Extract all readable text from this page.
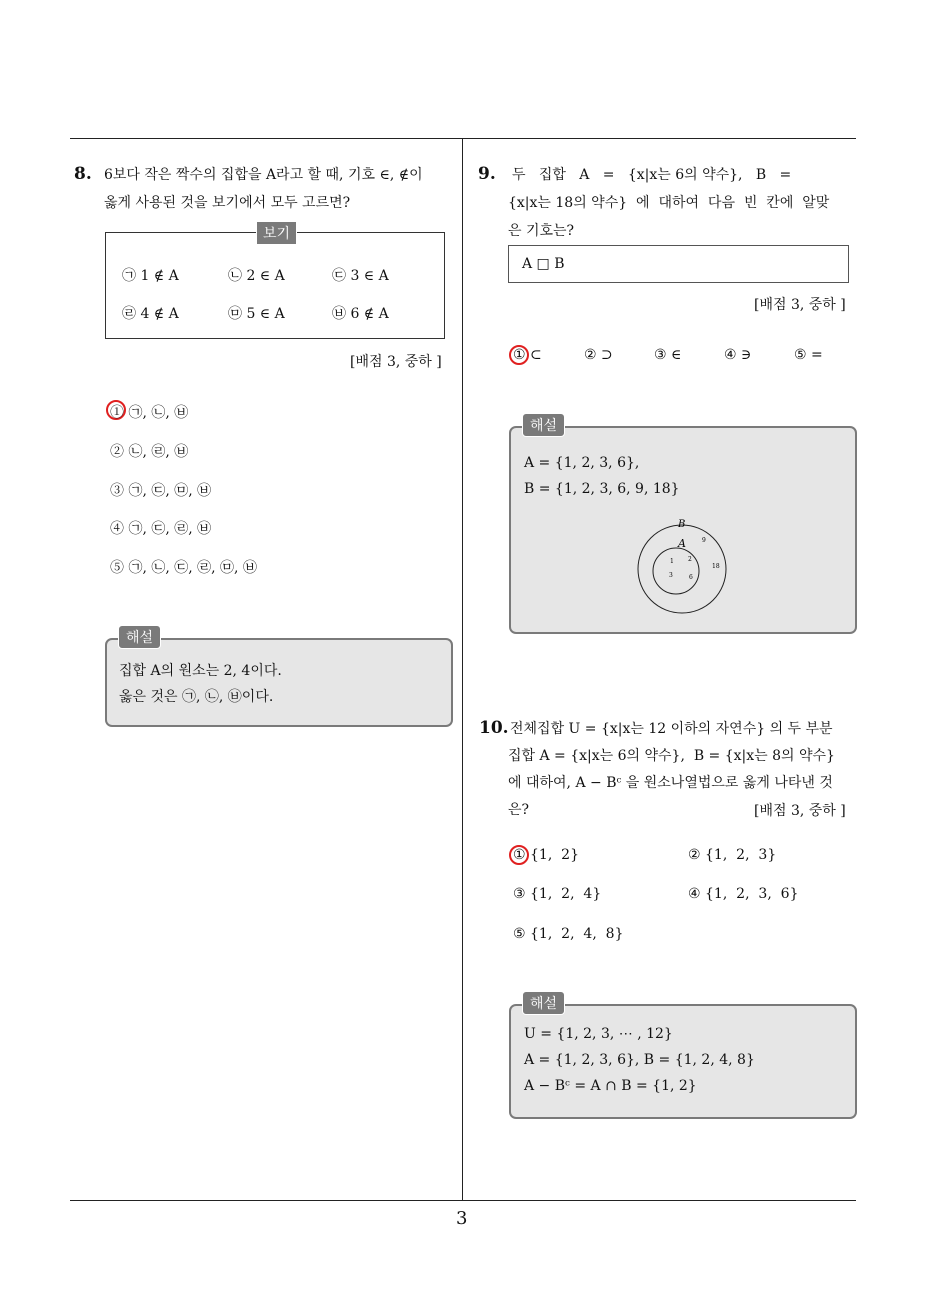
3
8. 6보다 작은 짝수의 집합을 A라고 할 때, 기호 ∈, ∉이
옳게 사용된 것을 보기에서 모두 고르면?
보기
㉠ 1 ∉ A	㉡ 2 ∈ A	㉢ 3 ∈ A
㉣ 4 ∉ A	㉤ 5 ∈ A	㉥ 6 ∉ A
[배점 3, 중하 ]
① ㉠, ㉡, ㉥
② ㉡, ㉣, ㉥
③ ㉠, ㉢, ㉤, ㉥
④ ㉠, ㉢, ㉣, ㉥
⑤ ㉠, ㉡, ㉢, ㉣, ㉤, ㉥
해설
집합 A의 원소는 2, 4이다.
옳은 것은 ㉠, ㉡, ㉥이다.
9. 두   집합   A   =   {x|x는 6의 약수},   B   =
{x|x는 18의 약수}  에  대하여  다음  빈  칸에  알맞
은 기호는?
A □ B
[배점 3, 중하 ]
① ⊂	② ⊃	③ ∈	④ ∋	⑤ =
해설
A = {1, 2, 3, 6},
B = {1, 2, 3, 6, 9, 18}
B
A
1 2
3	6
9
18
10. 전체집합 U = {x|x는 12 이하의 자연수} 의 두 부분
집합 A = {x|x는 6의 약수},  B = {x|x는 8의 약수}
에 대하여, A − Bᶜ 을 원소나열법으로 옳게 나타낸 것
은?	[배점 3, 중하 ]
① {1,  2}	② {1,  2,  3}
③ {1,  2,  4}	④ {1,  2,  3,  6}
⑤ {1,  2,  4,  8}
해설
U = {1, 2, 3, ⋯ , 12}
A = {1, 2, 3, 6}, B = {1, 2, 4, 8}
A − Bᶜ = A ∩ B = {1, 2}
